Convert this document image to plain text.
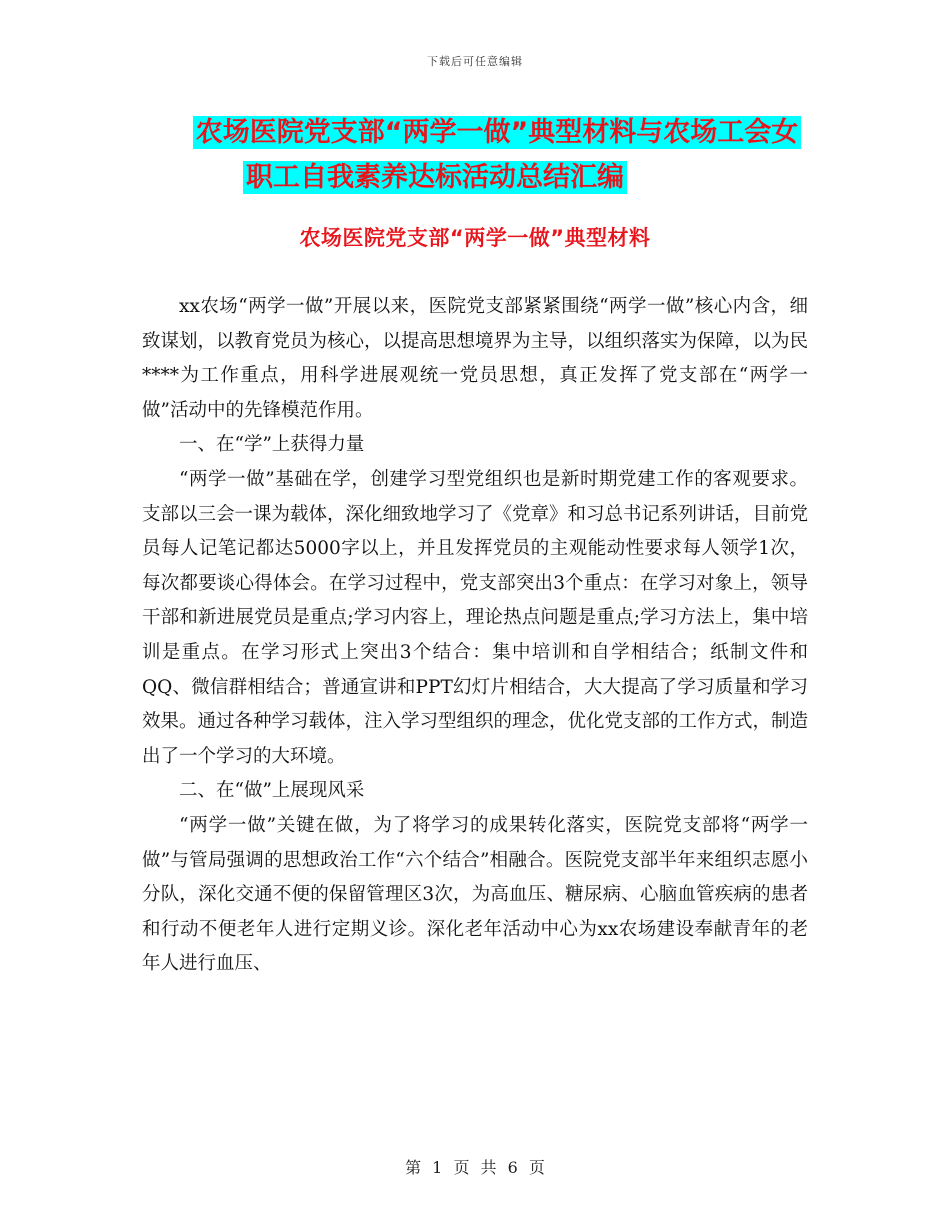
下载后可任意编辑
农场医院党支部“两学一做”典型材料与农场工会女
职工自我素养达标活动总结汇编
农场医院党支部“两学一做”典型材料

xx农场“两学一做”开展以来，医院党支部紧紧围绕“两学一做”核心内含，细致谋划，以教育党员为核心，以提高思想境界为主导，以组织落实为保障，以为民****为工作重点，用科学进展观统一党员思想，真正发挥了党支部在“两学一做”活动中的先锋模范作用。

一、在“学”上获得力量

“两学一做”基础在学，创建学习型党组织也是新时期党建工作的客观要求。支部以三会一课为载体，深化细致地学习了《党章》和习总书记系列讲话，目前党员每人记笔记都达5000字以上，并且发挥党员的主观能动性要求每人领学1次，每次都要谈心得体会。在学习过程中，党支部突出3个重点：在学习对象上，领导干部和新进展党员是重点;学习内容上，理论热点问题是重点;学习方法上，集中培训是重点。在学习形式上突出3个结合：集中培训和自学相结合；纸制文件和QQ、微信群相结合；普通宣讲和PPT幻灯片相结合，大大提高了学习质量和学习效果。通过各种学习载体，注入学习型组织的理念，优化党支部的工作方式，制造出了一个学习的大环境。

二、在“做”上展现风采

“两学一做”关键在做，为了将学习的成果转化落实，医院党支部将“两学一做”与管局强调的思想政治工作“六个结合”相融合。医院党支部半年来组织志愿小分队，深化交通不便的保留管理区3次，为高血压、糖尿病、心脑血管疾病的患者和行动不便老年人进行定期义诊。深化老年活动中心为xx农场建设奉献青年的老年人进行血压、

第 1 页 共 6 页
